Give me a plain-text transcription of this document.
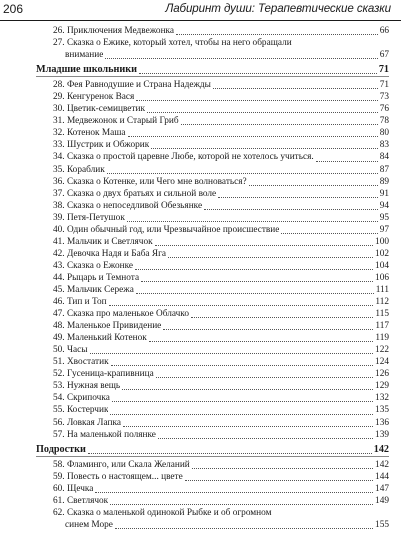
206	Лабиринт души: Терапевтические сказки
26. Приключения Медвежонка	66
27. Сказка о Ежике, который хотел, чтобы на него обращали
внимание	67
Младшие школьники	71
28. Фея Равнодушие и Страна Надежды	71
29. Кенгуренок Вася	73
30. Цветик-семицветик	76
31. Медвежонок и Старый Гриб	78
32. Котенок Маша	80
33. Шустрик и Обжорик	83
34. Сказка о простой царевне Любе, которой не хотелось учиться.	84
35. Кораблик	87
36. Сказка о Котенке, или Чего мне волноваться?	89
37. Сказка о двух братьях и сильной воле	91
38. Сказка о непоседливой Обезьянке	94
39. Петя-Петушок	95
40. Один обычный год, или Чрезвычайное происшествие	97
41. Мальчик и Светлячок	100
42. Девочка Надя и Баба Яга	102
43. Сказка о Ежонке	104
44. Рыцарь и Темнота	106
45. Мальчик Сережа	111
46. Тип и Топ	112
47. Сказка про маленькое Облачко	115
48. Маленькое Привидение	117
49. Маленький Котенок	119
50. Часы	122
51. Хвостатик	124
52. Гусеница-крапивница	126
53. Нужная вещь	129
54. Скрипочка	132
55. Костерчик	135
56. Ловкая Лапка	136
57. На маленькой полянке	139
Подростки	142
58. Фламинго, или Скала Желаний	142
59. Повесть о настоящем... цвете	144
60. Щечка	147
61. Светлячок	149
62. Сказка о маленькой одинокой Рыбке и об огромном
синем Море	155
